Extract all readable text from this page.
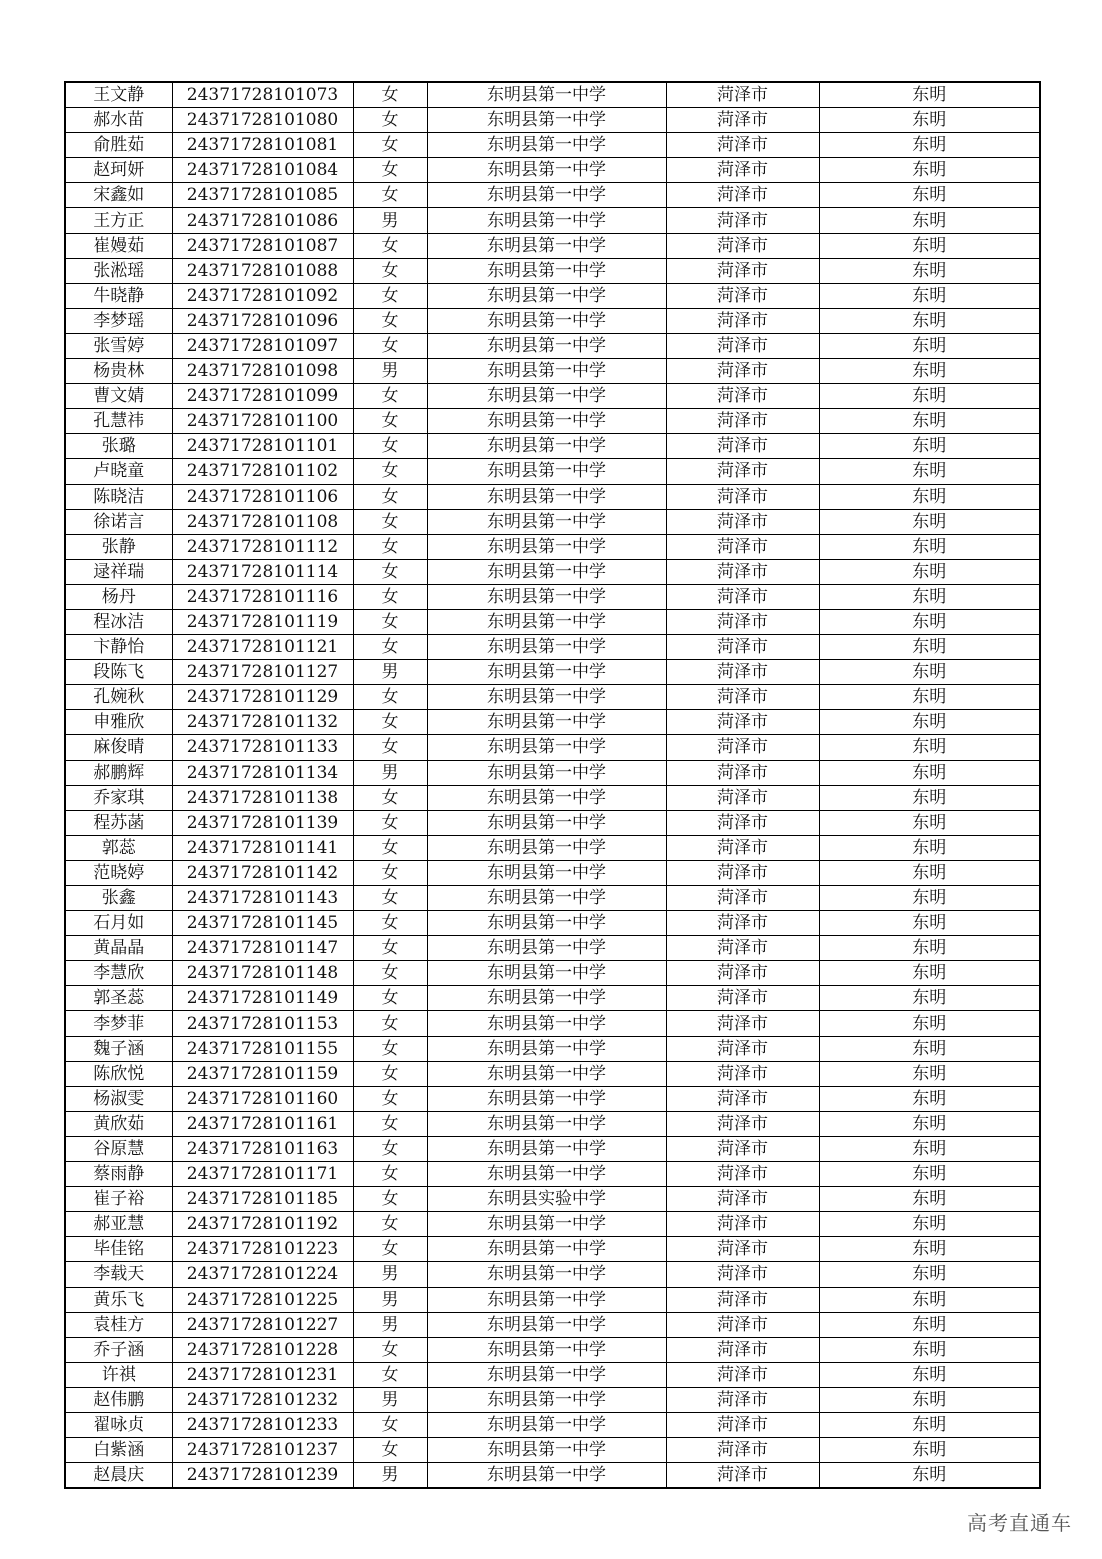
王文静	24371728101073	女	东明县第一中学	菏泽市	东明
郝水苗	24371728101080	女	东明县第一中学	菏泽市	东明
俞胜茹	24371728101081	女	东明县第一中学	菏泽市	东明
赵珂妍	24371728101084	女	东明县第一中学	菏泽市	东明
宋鑫如	24371728101085	女	东明县第一中学	菏泽市	东明
王方正	24371728101086	男	东明县第一中学	菏泽市	东明
崔嫚茹	24371728101087	女	东明县第一中学	菏泽市	东明
张淞瑶	24371728101088	女	东明县第一中学	菏泽市	东明
牛晓静	24371728101092	女	东明县第一中学	菏泽市	东明
李梦瑶	24371728101096	女	东明县第一中学	菏泽市	东明
张雪婷	24371728101097	女	东明县第一中学	菏泽市	东明
杨贵林	24371728101098	男	东明县第一中学	菏泽市	东明
曹文婧	24371728101099	女	东明县第一中学	菏泽市	东明
孔慧祎	24371728101100	女	东明县第一中学	菏泽市	东明
张璐	24371728101101	女	东明县第一中学	菏泽市	东明
卢晓童	24371728101102	女	东明县第一中学	菏泽市	东明
陈晓洁	24371728101106	女	东明县第一中学	菏泽市	东明
徐诺言	24371728101108	女	东明县第一中学	菏泽市	东明
张静	24371728101112	女	东明县第一中学	菏泽市	东明
逯祥瑞	24371728101114	女	东明县第一中学	菏泽市	东明
杨丹	24371728101116	女	东明县第一中学	菏泽市	东明
程冰洁	24371728101119	女	东明县第一中学	菏泽市	东明
卞静怡	24371728101121	女	东明县第一中学	菏泽市	东明
段陈飞	24371728101127	男	东明县第一中学	菏泽市	东明
孔婉秋	24371728101129	女	东明县第一中学	菏泽市	东明
申雅欣	24371728101132	女	东明县第一中学	菏泽市	东明
麻俊晴	24371728101133	女	东明县第一中学	菏泽市	东明
郝鹏辉	24371728101134	男	东明县第一中学	菏泽市	东明
乔家琪	24371728101138	女	东明县第一中学	菏泽市	东明
程苏菡	24371728101139	女	东明县第一中学	菏泽市	东明
郭蕊	24371728101141	女	东明县第一中学	菏泽市	东明
范晓婷	24371728101142	女	东明县第一中学	菏泽市	东明
张鑫	24371728101143	女	东明县第一中学	菏泽市	东明
石月如	24371728101145	女	东明县第一中学	菏泽市	东明
黄晶晶	24371728101147	女	东明县第一中学	菏泽市	东明
李慧欣	24371728101148	女	东明县第一中学	菏泽市	东明
郭圣蕊	24371728101149	女	东明县第一中学	菏泽市	东明
李梦菲	24371728101153	女	东明县第一中学	菏泽市	东明
魏子涵	24371728101155	女	东明县第一中学	菏泽市	东明
陈欣悦	24371728101159	女	东明县第一中学	菏泽市	东明
杨淑雯	24371728101160	女	东明县第一中学	菏泽市	东明
黄欣茹	24371728101161	女	东明县第一中学	菏泽市	东明
谷原慧	24371728101163	女	东明县第一中学	菏泽市	东明
蔡雨静	24371728101171	女	东明县第一中学	菏泽市	东明
崔子裕	24371728101185	女	东明县实验中学	菏泽市	东明
郝亚慧	24371728101192	女	东明县第一中学	菏泽市	东明
毕佳铭	24371728101223	女	东明县第一中学	菏泽市	东明
李载天	24371728101224	男	东明县第一中学	菏泽市	东明
黄乐飞	24371728101225	男	东明县第一中学	菏泽市	东明
袁桂方	24371728101227	男	东明县第一中学	菏泽市	东明
乔子涵	24371728101228	女	东明县第一中学	菏泽市	东明
许祺	24371728101231	女	东明县第一中学	菏泽市	东明
赵伟鹏	24371728101232	男	东明县第一中学	菏泽市	东明
翟咏贞	24371728101233	女	东明县第一中学	菏泽市	东明
白紫涵	24371728101237	女	东明县第一中学	菏泽市	东明
赵晨庆	24371728101239	男	东明县第一中学	菏泽市	东明
高考直通车
